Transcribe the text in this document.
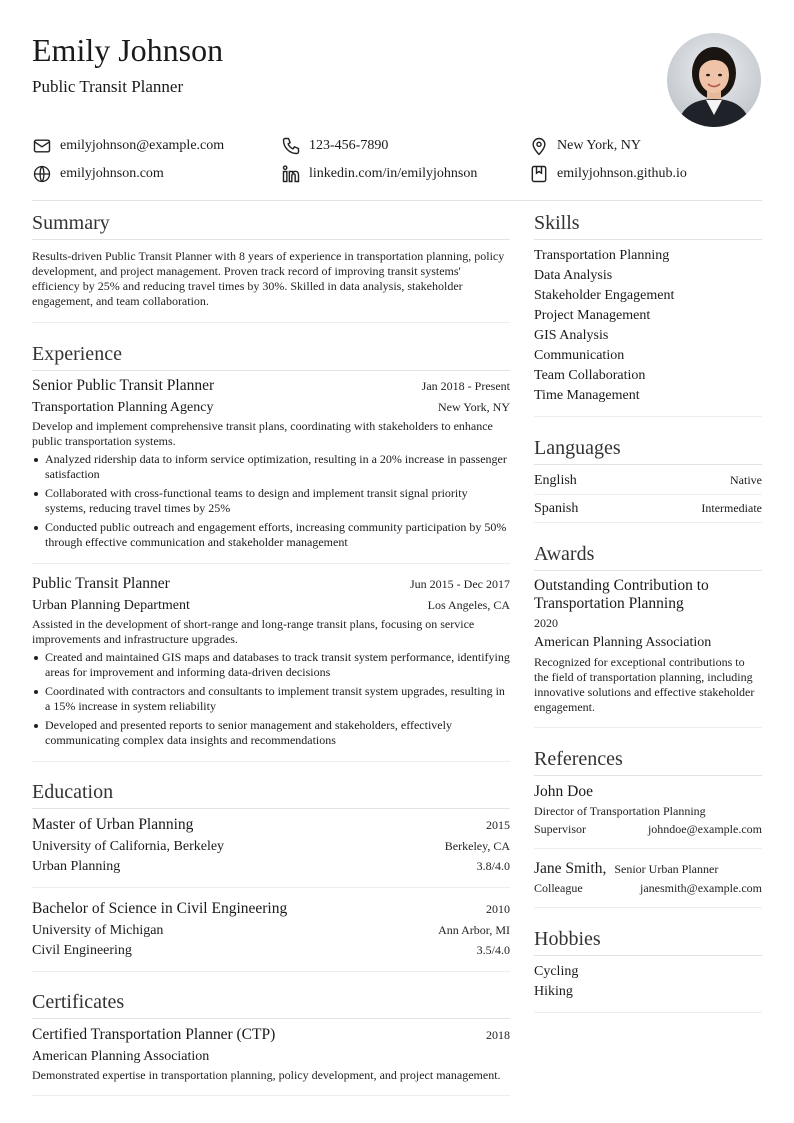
Emily Johnson
Public Transit Planner
emilyjohnson@example.com	123-456-7890	New York, NY
emilyjohnson.com	linkedin.com/in/emilyjohnson	emilyjohnson.github.io
Summary
Results-driven Public Transit Planner with 8 years of experience in transportation planning, policy development, and project management. Proven track record of improving transit systems' efficiency by 25% and reducing travel times by 30%. Skilled in data analysis, stakeholder engagement, and team collaboration.
Experience
Senior Public Transit Planner	Jan 2018 - Present
Transportation Planning Agency	New York, NY
Develop and implement comprehensive transit plans, coordinating with stakeholders to enhance public transportation systems.
Analyzed ridership data to inform service optimization, resulting in a 20% increase in passenger satisfaction
Collaborated with cross-functional teams to design and implement transit signal priority systems, reducing travel times by 25%
Conducted public outreach and engagement efforts, increasing community participation by 50% through effective communication and stakeholder management
Public Transit Planner	Jun 2015 - Dec 2017
Urban Planning Department	Los Angeles, CA
Assisted in the development of short-range and long-range transit plans, focusing on service improvements and infrastructure upgrades.
Created and maintained GIS maps and databases to track transit system performance, identifying areas for improvement and informing data-driven decisions
Coordinated with contractors and consultants to implement transit system upgrades, resulting in a 15% increase in system reliability
Developed and presented reports to senior management and stakeholders, effectively communicating complex data insights and recommendations
Education
Master of Urban Planning	2015
University of California, Berkeley	Berkeley, CA
Urban Planning	3.8/4.0
Bachelor of Science in Civil Engineering	2010
University of Michigan	Ann Arbor, MI
Civil Engineering	3.5/4.0
Certificates
Certified Transportation Planner (CTP)	2018
American Planning Association
Demonstrated expertise in transportation planning, policy development, and project management.
Skills
Transportation Planning
Data Analysis
Stakeholder Engagement
Project Management
GIS Analysis
Communication
Team Collaboration
Time Management
Languages
English	Native
Spanish	Intermediate
Awards
Outstanding Contribution to Transportation Planning
2020
American Planning Association
Recognized for exceptional contributions to the field of transportation planning, including innovative solutions and effective stakeholder engagement.
References
John Doe
Director of Transportation Planning
Supervisor	johndoe@example.com
Jane Smith, Senior Urban Planner
Colleague	janesmith@example.com
Hobbies
Cycling
Hiking
